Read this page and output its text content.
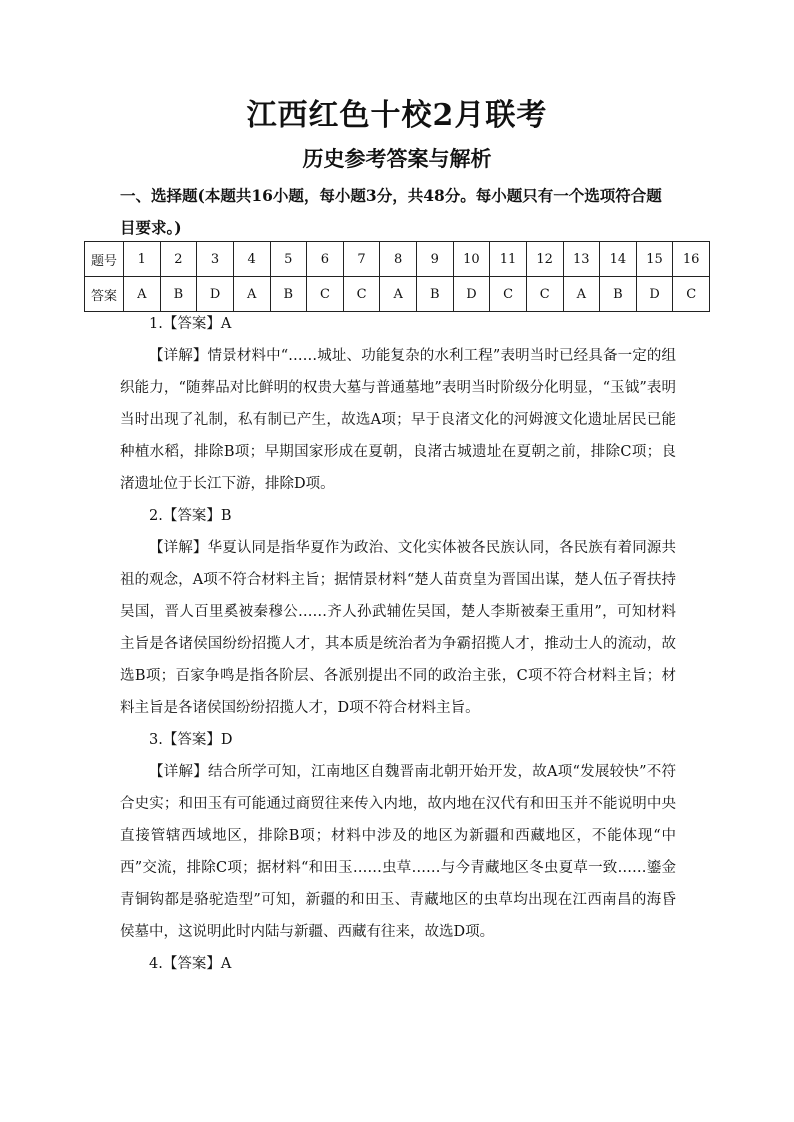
江西红色十校2月联考
历史参考答案与解析
一、选择题(本题共16小题，每小题3分，共48分。每小题只有一个选项符合题目要求。)
题号	1	2	3	4	5	6	7	8	9	10	11	12	13	14	15	16
答案	A	B	D	A	B	C	C	A	B	D	C	C	A	B	D	C

1.【答案】A

【详解】情景材料中“……城址、功能复杂的水利工程”表明当时已经具备一定的组织能力，“随葬品对比鲜明的权贵大墓与普通墓地”表明当时阶级分化明显，“玉钺”表明当时出现了礼制，私有制已产生，故选A项；早于良渚文化的河姆渡文化遗址居民已能种植水稻，排除B项；早期国家形成在夏朝，良渚古城遗址在夏朝之前，排除C项；良渚遗址位于长江下游，排除D项。

2.【答案】B

【详解】华夏认同是指华夏作为政治、文化实体被各民族认同，各民族有着同源共祖的观念，A项不符合材料主旨；据情景材料“楚人苗贲皇为晋国出谋，楚人伍子胥扶持吴国，晋人百里奚被秦穆公……齐人孙武辅佐吴国，楚人李斯被秦王重用”，可知材料主旨是各诸侯国纷纷招揽人才，其本质是统治者为争霸招揽人才，推动士人的流动，故选B项；百家争鸣是指各阶层、各派别提出不同的政治主张，C项不符合材料主旨；材料主旨是各诸侯国纷纷招揽人才，D项不符合材料主旨。

3.【答案】D

【详解】结合所学可知，江南地区自魏晋南北朝开始开发，故A项“发展较快”不符合史实；和田玉有可能通过商贸往来传入内地，故内地在汉代有和田玉并不能说明中央直接管辖西域地区，排除B项；材料中涉及的地区为新疆和西藏地区，不能体现“中西”交流，排除C项；据材料“和田玉……虫草……与今青藏地区冬虫夏草一致……鎏金青铜钩都是骆驼造型”可知，新疆的和田玉、青藏地区的虫草均出现在江西南昌的海昏侯墓中，这说明此时内陆与新疆、西藏有往来，故选D项。

4.【答案】A
